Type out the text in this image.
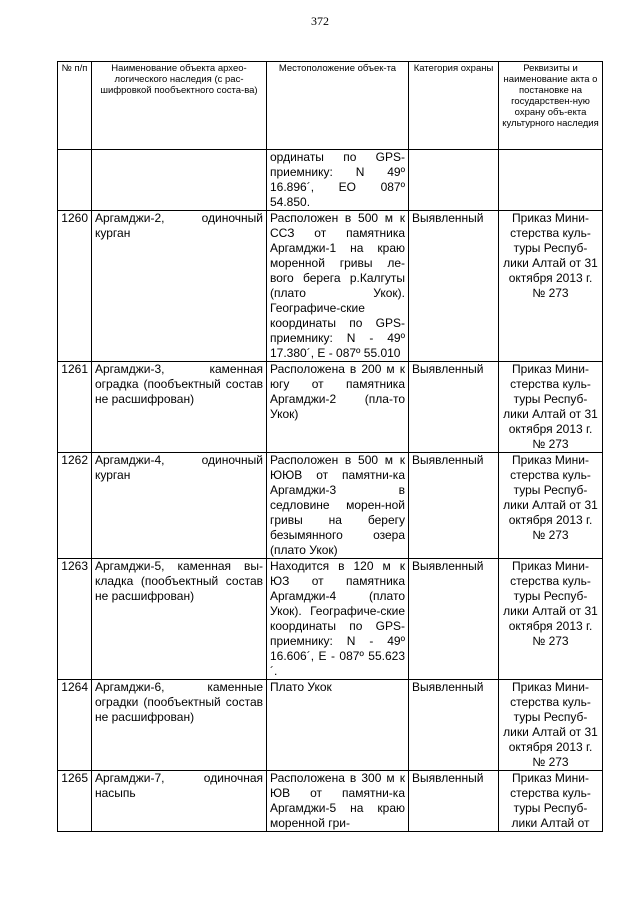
372
№ п/п	Наименование объекта архео-логического наследия (с рас-шифровкой пообъектного соста-ва)	Местоположение объек-та	Категория охраны	Реквизиты и наименование акта о постановке на государствен-ную охрану объ-екта культурного наследия
		ординаты по GPS-приемнику: N 49º 16.896´, ЕО 087º 54.850.		
1260	Аргамджи-2, одиночный курган	Расположен в 500 м к ССЗ от памятника Аргамджи-1 на краю моренной гривы ле-вого берега р.Калгуты (плато Укок). Географиче-ские координаты по GPS- приемнику: N - 49º 17.380´, Е - 087º 55.010	Выявленный	Приказ Мини-стерства куль-туры Респуб-лики Алтай от 31 октября 2013 г. № 273
1261	Аргамджи-3, каменная оградка (пообъектный состав не расшифрован)	Расположена в 200 м к югу от памятника Аргамджи-2 (пла-то Укок)	Выявленный	Приказ Мини-стерства куль-туры Респуб-лики Алтай от 31 октября 2013 г. № 273
1262	Аргамджи-4, одиночный курган	Расположен в 500 м к ЮЮВ от памятни-ка Аргамджи-3 в седловине морен-ной гривы на берегу безымянного озера (плато Укок)	Выявленный	Приказ Мини-стерства куль-туры Респуб-лики Алтай от 31 октября 2013 г. № 273
1263	Аргамджи-5, каменная вы-кладка (пообъектный состав не расшифрован)	Находится в 120 м к ЮЗ от памятника Аргамджи-4 (плато Укок). Географиче-ские координаты по GPS-приемнику: N - 49º 16.606´, Е - 087º 55.623´.	Выявленный	Приказ Мини-стерства куль-туры Респуб-лики Алтай от 31 октября 2013 г. № 273
1264	Аргамджи-6, каменные оградки (пообъектный состав не расшифрован)	Плато Укок	Выявленный	Приказ Мини-стерства куль-туры Респуб-лики Алтай от 31 октября 2013 г. № 273
1265	Аргамджи-7, одиночная насыпь	Расположена в 300 м к ЮВ от памятни-ка Аргамджи-5 на краю моренной гри-	Выявленный	Приказ Мини-стерства куль-туры Респуб-лики Алтай от
